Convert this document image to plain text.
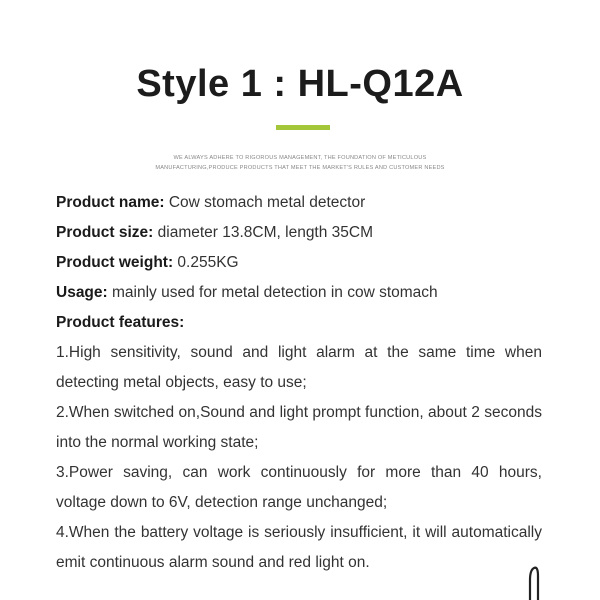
Style 1 : HL-Q12A
WE ALWAYS ADHERE TO RIGOROUS MANAGEMENT, THE FOUNDATION OF METICULOUS
MANUFACTURING,PRODUCE PRODUCTS THAT MEET THE MARKET'S RULES AND CUSTOMER NEEDS
Product name: Cow stomach metal detector
Product size: diameter 13.8CM, length 35CM
Product weight: 0.255KG
Usage: mainly used for metal detection in cow stomach
Product features:
1.High sensitivity, sound and light alarm at the same time when detecting metal objects, easy to use;
2.When switched on,Sound and light prompt function, about 2 seconds into the normal working state;
3.Power saving, can work continuously for more than 40 hours, voltage down to 6V, detection range unchanged;
4.When the battery voltage is seriously insufficient, it will automatically emit continuous alarm sound and red light on.
